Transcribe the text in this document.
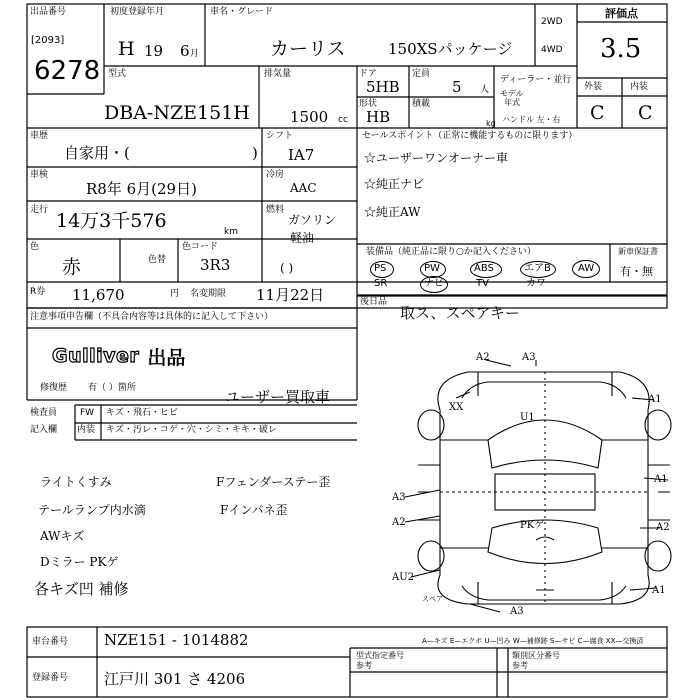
出品番号
[2093]
6278
初度登録年月
H 19 6 月
車名・グレード
カーリス	150XSパッケージ
2WD
4WD
評価点
3.5
型式
DBA-NZE151H
排気量
1500 cc
ドア
5HB
定員
5 人
形状
HB
積載
kg
ディーラー・並行
モデル
年式
ハンドル 左・右
外装	内装
C C
車歴
自家用・(	)
シフト
IA7
車検
R8年 6月(29日)
冷房
AAC
走行 14万3千576	km
燃料
ガソリン
軽油
( )
色
赤	色替
色コード
3R3
セールスポイント（正常に機能するものに限ります）
☆ユーザーワンオーナー車
☆純正ナビ
☆純正AW
装備品（純正品に限り○か記入ください）	新車保証書
PS	PW	ABS	エアB	AW
SR	ナビ	TV	カワ
有・無
R券 11,670	円 名変期限 11月22日	後日品
取ス、スペアキー
注意事項申告欄（不具合内容等は具体的に記入して下さい）
Gulliver 出品
修復歴 有（ ）箇所	ユーザー買取車
検査員
記入欄
FW キズ・飛石・ヒビ
内装 キズ・汚レ・コゲ・穴・シミ・キキ・破レ
ライトくすみ
テールランプ内水滴
AWキズ
Dミラー PKゲ
各キズ凹 補修
Fフェンダーステー歪
Fインパネ歪
A2	A3
XX
U1
A1
A1
A3
A2	PKゲ	A2
AU2
スペア
A3
A1
A—キズ E—エクボ U—凹み W—補修跡 S—サビ C—腐食 XX—交換済
車台番号 NZE151 - 1014882
登録番号 江戸川 301 さ 4206
型式指定番号
参考
類別区分番号
参考
